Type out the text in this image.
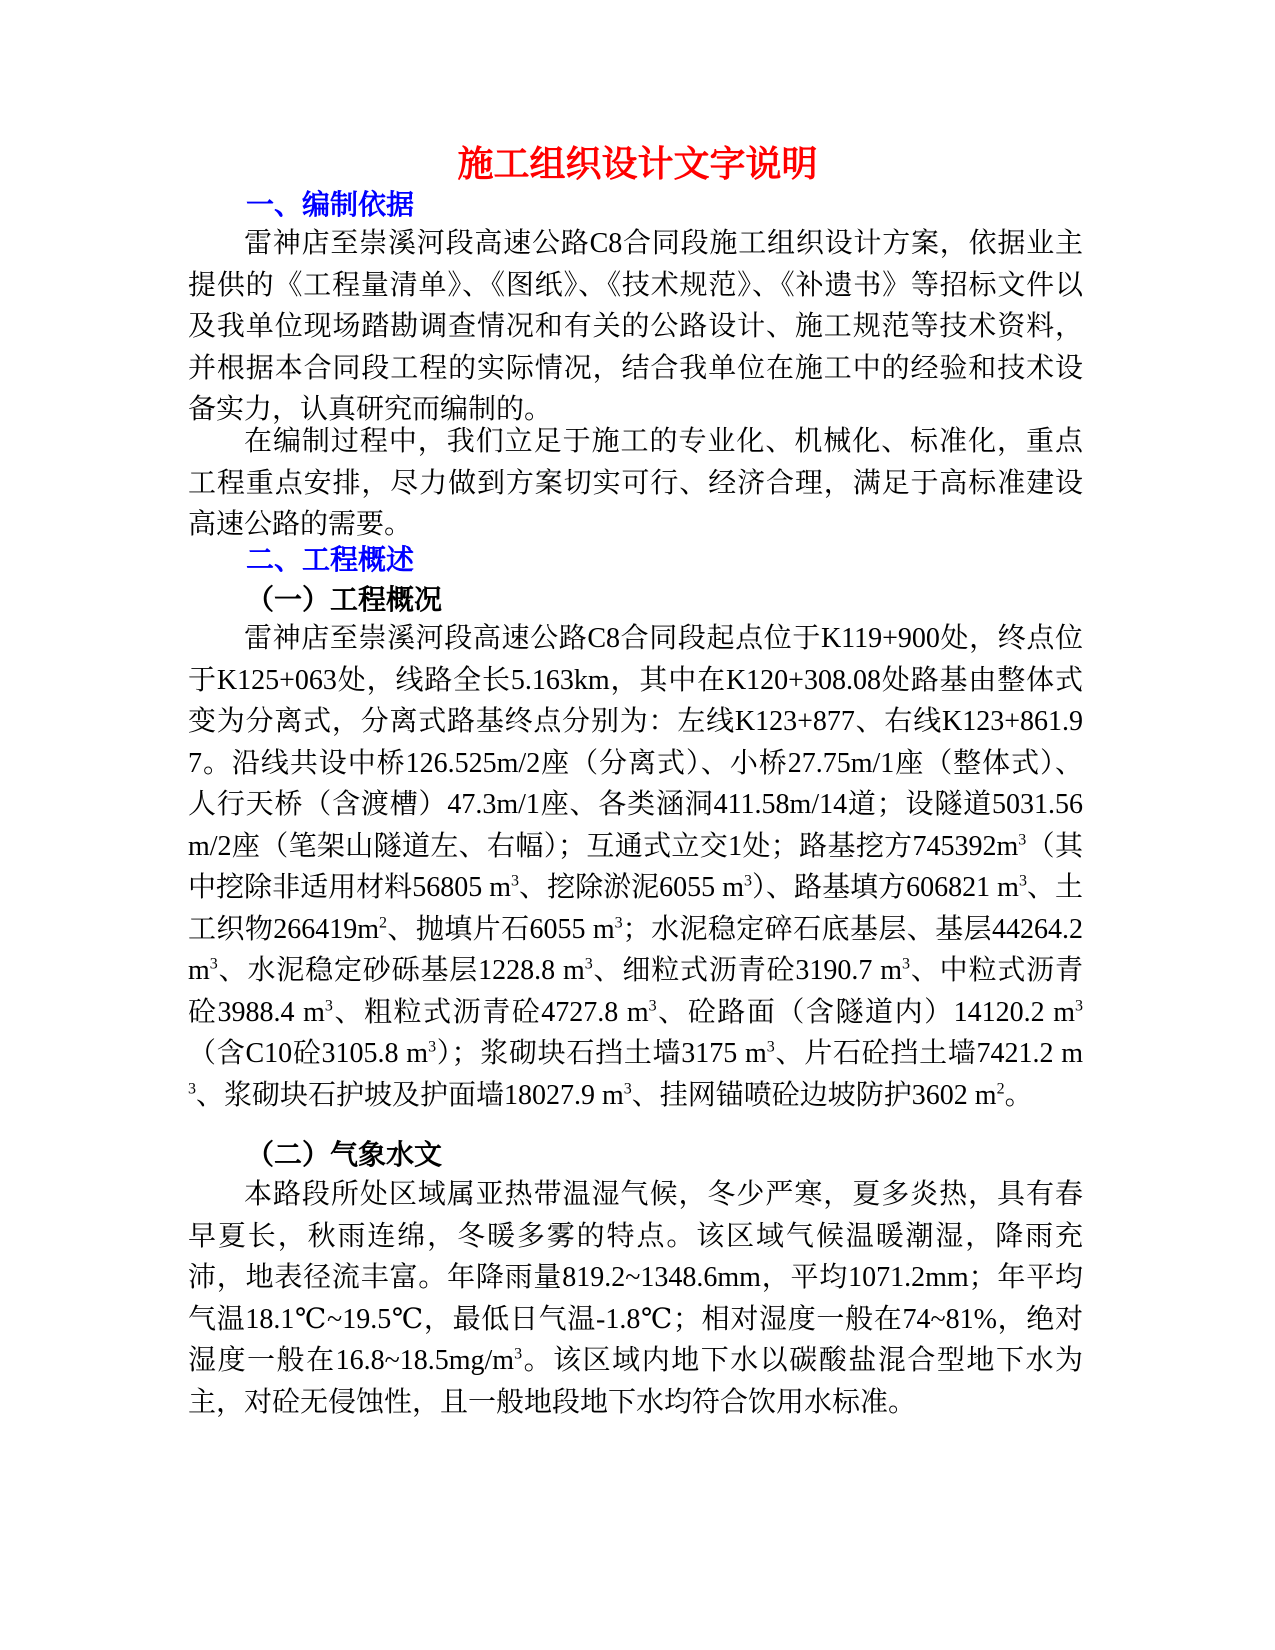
施工组织设计文字说明
一、编制依据

雷神店至崇溪河段高速公路C8合同段施工组织设计方案，依据业主提供的《工程量清单》、《图纸》、《技术规范》、《补遗书》等招标文件以及我单位现场踏勘调查情况和有关的公路设计、施工规范等技术资料，并根据本合同段工程的实际情况，结合我单位在施工中的经验和技术设备实力，认真研究而编制的。

在编制过程中，我们立足于施工的专业化、机械化、标准化，重点工程重点安排，尽力做到方案切实可行、经济合理，满足于高标准建设高速公路的需要。

二、工程概述
（一）工程概况

雷神店至崇溪河段高速公路C8合同段起点位于K119+900处，终点位于K125+063处，线路全长5.163km，其中在K120+308.08处路基由整体式变为分离式，分离式路基终点分别为：左线K123+877、右线K123+861.97。沿线共设中桥126.525m/2座（分离式）、小桥27.75m/1座（整体式）、人行天桥（含渡槽）47.3m/1座、各类涵洞411.58m/14道；设隧道5031.56m/2座（笔架山隧道左、右幅）；互通式立交1处；路基挖方$745392m^3$（其中挖除非适用材料56805 $m^3$、挖除淤泥6055 $m^3$）、路基填方606821 $m^3$、土工织物$266419m^2$、抛填片石6055 $m^3$；水泥稳定碎石底基层、基层44264.2 $m^3$、水泥稳定砂砾基层1228.8 $m^3$、细粒式沥青砼3190.7 $m^3$、中粒式沥青砼3988.4 $m^3$、粗粒式沥青砼4727.8 $m^3$、砼路面（含隧道内）14120.2 $m^3$（含C10砼3105.8 $m^3$）；浆砌块石挡土墙3175 $m^3$、片石砼挡土墙7421.2 $m^3$、浆砌块石护坡及护面墙18027.9 $m^3$、挂网锚喷砼边坡防护3602 $m^2$。

（二）气象水文

本路段所处区域属亚热带温湿气候，冬少严寒，夏多炎热，具有春早夏长，秋雨连绵，冬暖多雾的特点。该区域气候温暖潮湿，降雨充沛，地表径流丰富。年降雨量819.2~1348.6mm，平均1071.2mm；年平均气温18.1℃~19.5℃，最低日气温-1.8℃；相对湿度一般在74~81%，绝对湿度一般在$16.8\sim 18.5mg/m^3$。该区域内地下水以碳酸盐混合型地下水为主，对砼无侵蚀性，且一般地段地下水均符合饮用水标准。
